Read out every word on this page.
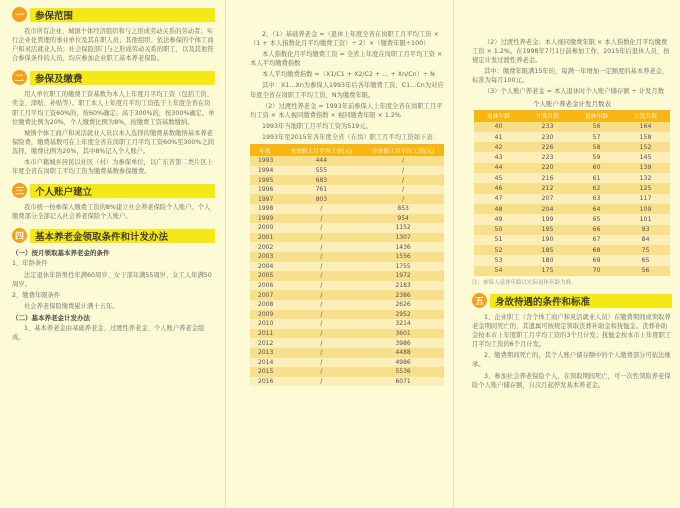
一	参保范围

我市所有企业、城镇个体经济组织和与之形成劳动关系的劳动者；实行企业化管理的事业单位及其在职人员；其他组织、依法参保的个体工商户和灵活就业人员；社会保险部门与之形成劳动关系的职工，以及其他符合参保条件的人员，均应参加企业职工基本养老保险。

二	参保及缴费

用人单位职工的缴费工资基数为本人上年度月平均工资（包括工资、奖金、津贴、补贴等）。职工本人上年度月平均工资低于上年度全省在岗职工月平均工资60%的，按60%确定；高于300%的，按300%确定。单位缴费比例为20%，个人缴费比例为8%，按缴费工资基数缴纳。

城镇个体工商户和灵活就业人员以本人选择的缴费基数缴纳基本养老保险费，缴费基数可在上年度全省在岗职工月平均工资60%至300%之间选择，缴费比例为20%，其中8%记入个人账户。

本市户籍城乡居民以社区（村）为参保单位，以广东省第二类片区上年度全省在岗职工平均工资为缴费基数参保缴费。

三	个人账户建立

我市统一按参保人缴费工资的8%建立社会养老保险个人账户。个人缴费部分全部记入社会养老保险个人账户。

四	基本养老金领取条件和计发办法
（一）按月领取基本养老金的条件

1、年龄条件

法定退休年龄男性年满60周岁、女干部年满55周岁、女工人年满50周岁。

2、缴费年限条件

社会养老保险缴费累计满十五年。

（二）基本养老金计发办法

1、基本养老金由基础养老金、过渡性养老金、个人账户养老金组成。

2、（1）基础养老金 =（退休上年度全省在岗职工月平均工资 ×（1 + 本人指数化月平均缴费工资）÷ 2）×（缴费年限÷100）

本人指数化月平均缴费工资 = 全省上年度在岗职工月平均工资 × 本人平均缴费指数

本人平均缴费指数 =（X1/C1 + X2/C2 + … + Xn/Cn）÷ N

其中：X1…Xn为参保人1993年后各年缴费工资，C1…Cn为对应年度全省在岗职工平均工资，N为缴费年限。

（2）过渡性养老金 = 1993年前参保人上年度全省在岗职工月平均工资 × 本人视同缴费指数 × 视同缴费年限 × 1.2%

1993年当地职工月平均工资为519元。

1993年至2015年各年度全省（在岗）职工月平均工资如下表：

年度	全省职工月平均工资(元)	全省职工月平均工资(元)
1993	444	/
1994	555	/
1995	683	/
1996	761	/
1997	803	/
1998	/	853
1999	/	954
2000	/	1152
2001	/	1307
2002	/	1436
2003	/	1556
2004	/	1755
2005	/	1972
2006	/	2183
2007	/	2386
2008	/	2626
2009	/	2952
2010	/	3214
2011	/	3601
2012	/	3986
2013	/	4488
2014	/	4986
2015	/	5536
2016	/	6071

（2）过渡性养老金：本人视同缴费年限 × 本人指数化月平均缴费工资 × 1.2%。在1998年7月1日前参加工作、2015年后退休人员，按规定计发过渡性养老金。

其中：缴费年限满15年的，每满一年增加一定额度的基本养老金，标准为每月100元。

（3）个人账户养老金 = 本人退休时个人账户储存额 ÷ 计发月数

个人账户养老金计发月数表
退休年龄	计发月数	退休年龄	计发月数
40	233	56	164
41	230	57	158
42	226	58	152
43	223	59	145
44	220	60	139
45	216	61	132
46	212	62	125
47	207	63	117
48	204	64	109
49	199	65	101
50	195	66	93
51	190	67	84
52	185	68	75
53	180	69	65
54	175	70	56
注：参保人退休年龄以实际退休年龄为准。
五	身故待遇的条件和标准

1、企业职工（含个体工商户和灵活就业人员）在缴费期间或领取养老金期间死亡的，其遗属可按规定领取丧葬补助金和抚恤金。丧葬补助金按本市上年度职工月平均工资的3个月计发；抚恤金按本市上年度职工月平均工资的6个月计发。

2、缴费期间死亡的，其个人账户储存额中的个人缴费部分可依法继承。

3、参加社会养老保险个人，在领取期间死亡，可一次性领取养老保险个人账户储存额，自次月起停发基本养老金。
